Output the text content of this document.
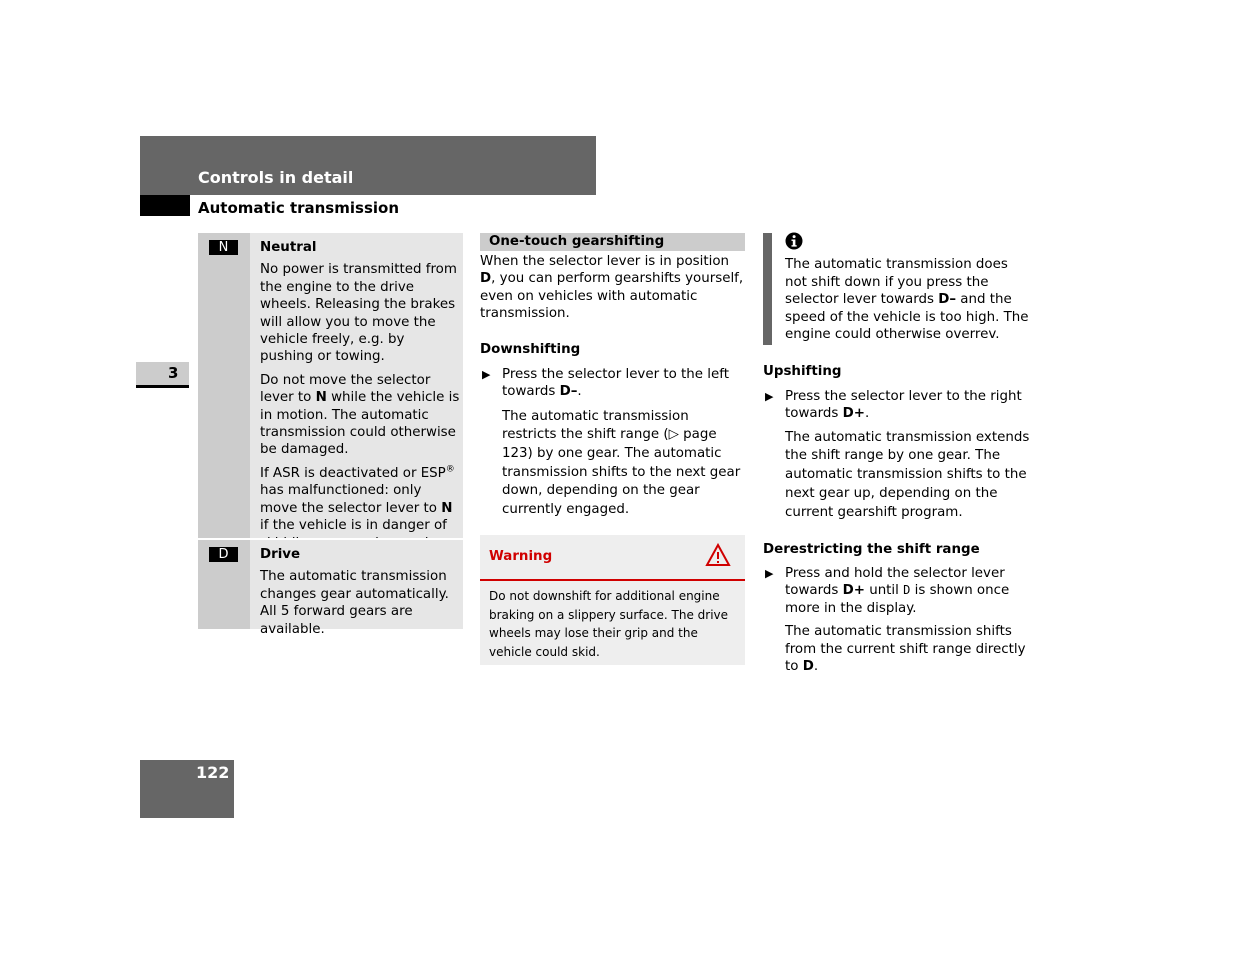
Controls in detail
Automatic transmission
3
122
N	Neutral

No power is transmitted from the engine to the drive wheels. Releasing the brakes will allow you to move the vehicle freely, e.g. by pushing or towing.

Do not move the selector lever to N while the vehicle is in motion. The automatic transmission could otherwise be damaged.

If ASR is deactivated or ESP® has malfunctioned: only move the selector lever to N if the vehicle is in danger of

D	Drive

The automatic transmission changes gear automatically. All 5 forward gears are available.

One-touch gearshifting

When the selector lever is in position D, you can perform gearshifts yourself, even on vehicles with automatic transmission.

Downshifting

▶ Press the selector lever to the left towards D–.

The automatic transmission restricts the shift range (▷ page 123) by one gear. The automatic transmission shifts to the next gear down, depending on the gear currently engaged.

Warning
Do not downshift for additional engine braking on a slippery surface. The drive wheels may lose their grip and the vehicle could skid.

The automatic transmission does not shift down if you press the selector lever towards D– and the speed of the vehicle is too high. The engine could otherwise overrev.

Upshifting

▶ Press the selector lever to the right towards D+.

The automatic transmission extends the shift range by one gear. The automatic transmission shifts to the next gear up, depending on the current gearshift program.

Derestricting the shift range

▶ Press and hold the selector lever towards D+ until D is shown once more in the display.

The automatic transmission shifts from the current shift range directly to D.
